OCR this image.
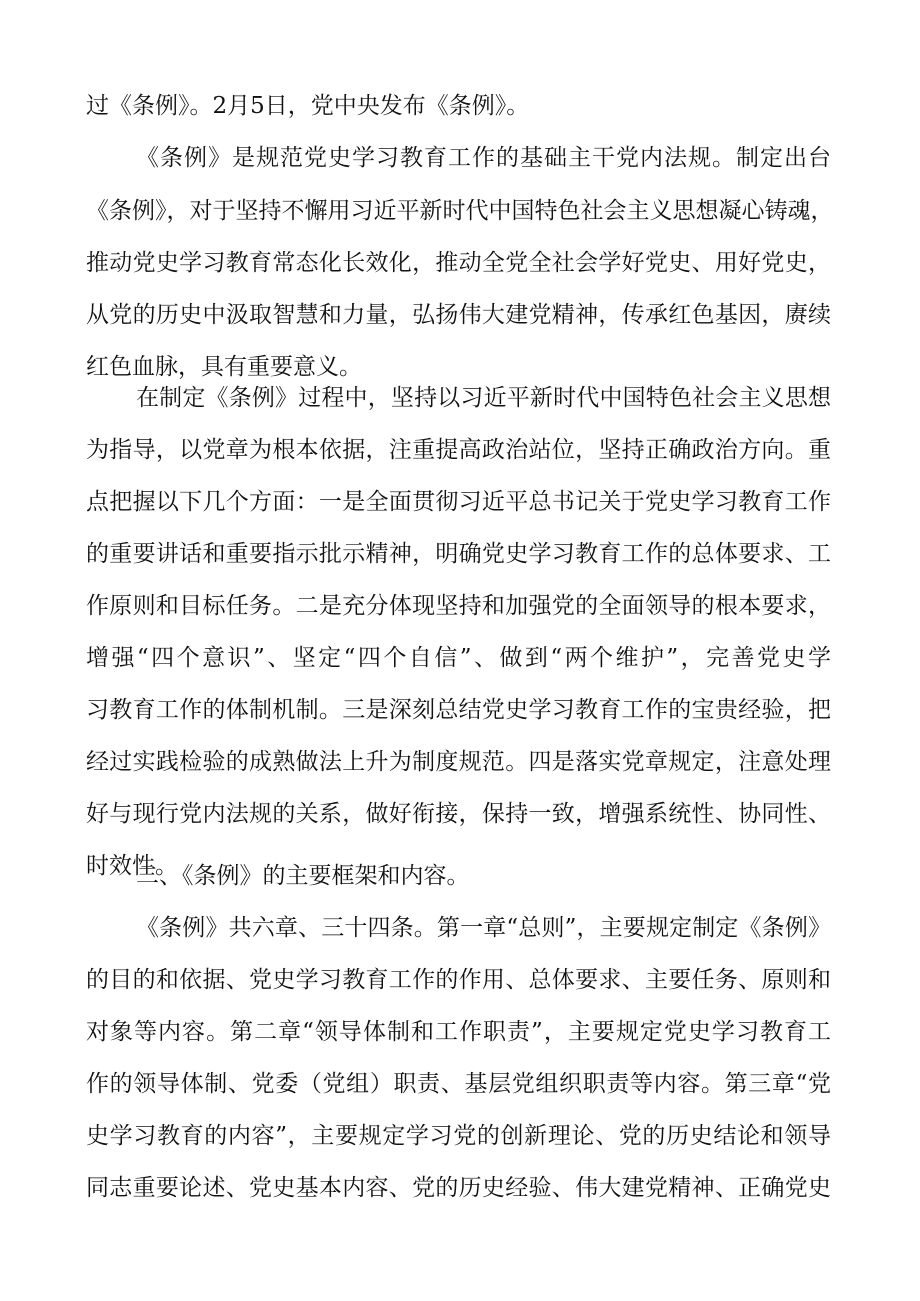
过《条例》。2月5日，党中央发布《条例》。
《条例》是规范党史学习教育工作的基础主干党内法规。制定出台
《条例》，对于坚持不懈用习近平新时代中国特色社会主义思想凝心铸魂，
推动党史学习教育常态化长效化，推动全党全社会学好党史、用好党史，
从党的历史中汲取智慧和力量，弘扬伟大建党精神，传承红色基因，赓续
红色血脉，具有重要意义。
在制定《条例》过程中，坚持以习近平新时代中国特色社会主义思想
为指导，以党章为根本依据，注重提高政治站位，坚持正确政治方向。重
点把握以下几个方面：一是全面贯彻习近平总书记关于党史学习教育工作
的重要讲话和重要指示批示精神，明确党史学习教育工作的总体要求、工
作原则和目标任务。二是充分体现坚持和加强党的全面领导的根本要求，
增强“四个意识”、坚定“四个自信”、做到“两个维护”，完善党史学
习教育工作的体制机制。三是深刻总结党史学习教育工作的宝贵经验，把
经过实践检验的成熟做法上升为制度规范。四是落实党章规定，注意处理
好与现行党内法规的关系，做好衔接，保持一致，增强系统性、协同性、
时效性。
二、《条例》的主要框架和内容。
《条例》共六章、三十四条。第一章“总则”，主要规定制定《条例》
的目的和依据、党史学习教育工作的作用、总体要求、主要任务、原则和
对象等内容。第二章“领导体制和工作职责”，主要规定党史学习教育工
作的领导体制、党委（党组）职责、基层党组织职责等内容。第三章“党
史学习教育的内容”，主要规定学习党的创新理论、党的历史结论和领导
同志重要论述、党史基本内容、党的历史经验、伟大建党精神、正确党史
